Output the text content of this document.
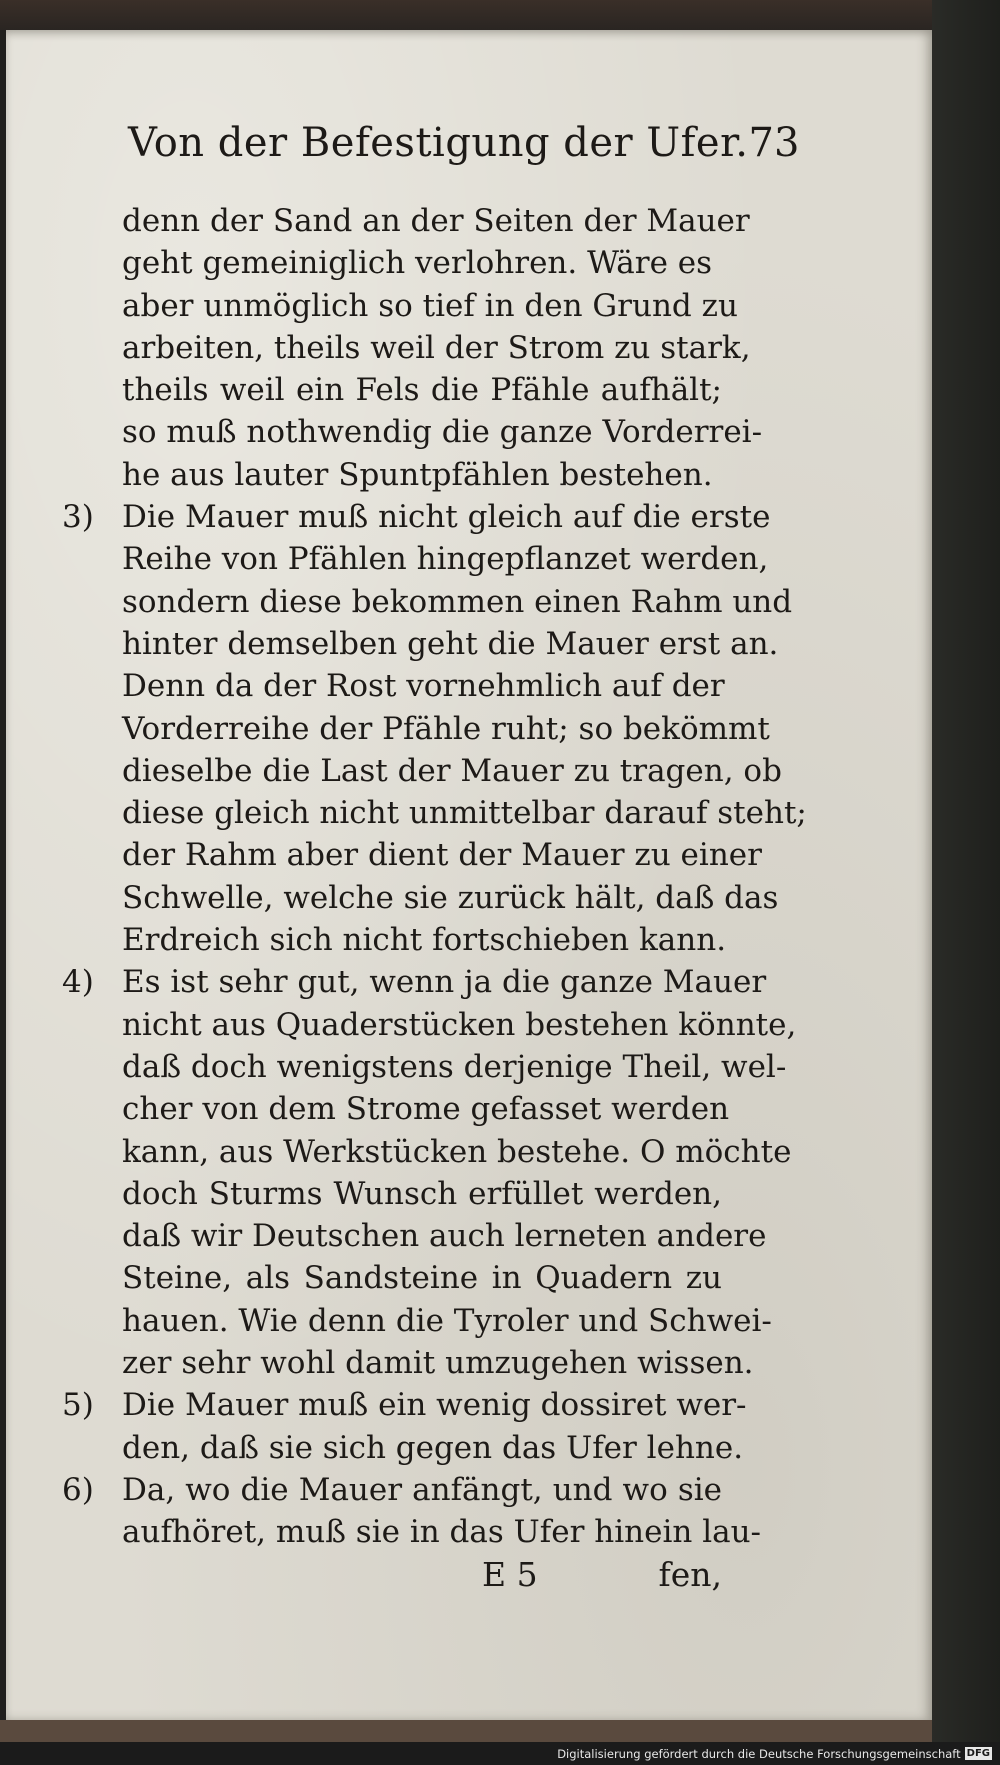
Von der Befestigung der Ufer. 73
denn der Sand an der Seiten der Mauer
geht gemeiniglich verlohren. Wäre es
aber unmöglich so tief in den Grund zu
arbeiten, theils weil der Strom zu stark,
theils weil ein Fels die Pfähle aufhält;
so muß nothwendig die ganze Vorderrei-
he aus lauter Spuntpfählen bestehen.
3) Die Mauer muß nicht gleich auf die erste
Reihe von Pfählen hingepflanzet werden,
sondern diese bekommen einen Rahm und
hinter demselben geht die Mauer erst an.
Denn da der Rost vornehmlich auf der
Vorderreihe der Pfähle ruht; so bekömmt
dieselbe die Last der Mauer zu tragen, ob
diese gleich nicht unmittelbar darauf steht;
der Rahm aber dient der Mauer zu einer
Schwelle, welche sie zurück hält, daß das
Erdreich sich nicht fortschieben kann.
4) Es ist sehr gut, wenn ja die ganze Mauer
nicht aus Quaderstücken bestehen könnte,
daß doch wenigstens derjenige Theil, wel-
cher von dem Strome gefasset werden
kann, aus Werkstücken bestehe. O möchte
doch Sturms Wunsch erfüllet werden,
daß wir Deutschen auch lerneten andere
Steine, als Sandsteine in Quadern zu
hauen. Wie denn die Tyroler und Schwei-
zer sehr wohl damit umzugehen wissen.
5) Die Mauer muß ein wenig dossiret wer-
den, daß sie sich gegen das Ufer lehne.
6) Da, wo die Mauer anfängt, und wo sie
aufhöret, muß sie in das Ufer hinein lau-
E 5	fen,
Digitalisierung gefördert durch die Deutsche Forschungsgemeinschaft DFG
